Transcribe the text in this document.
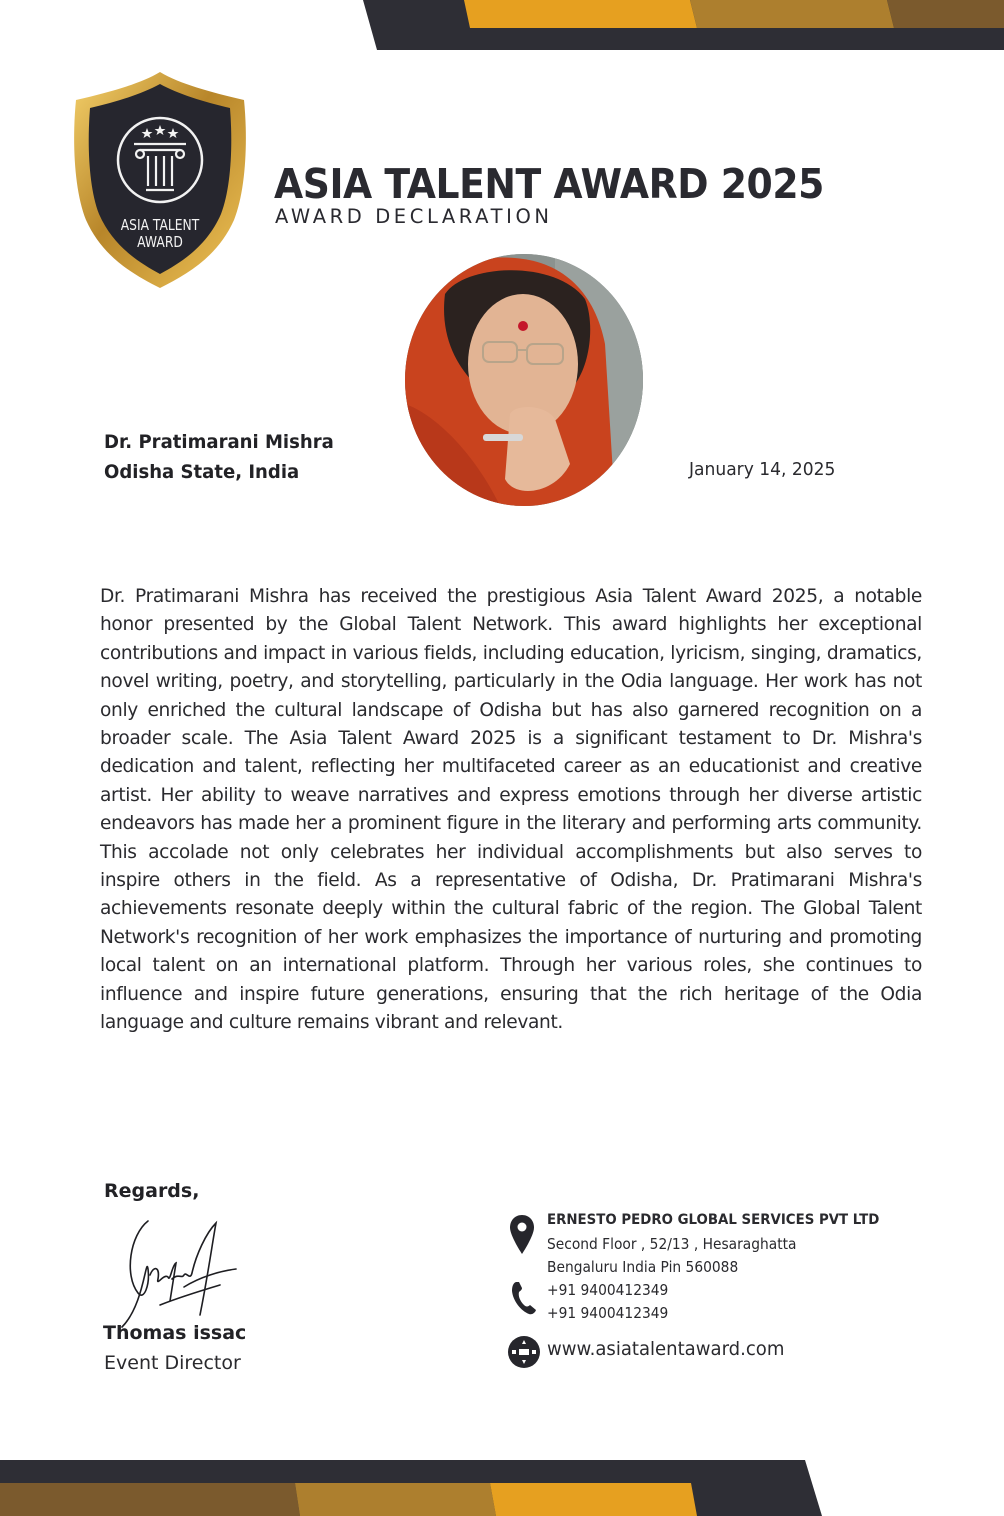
ASIA TALENT
AWARD
ASIA TALENT AWARD 2025
AWARD DECLARATION
Dr. Pratimarani Mishra
Odisha State, India	January 14, 2025
Dr. Pratimarani Mishra has received the prestigious Asia Talent Award 2025, a notable honor presented by the Global Talent Network. This award highlights her exceptional contributions and impact in various fields, including education, lyricism, singing, dramatics, novel writing, poetry, and storytelling, particularly in the Odia language. Her work has not only enriched the cultural landscape of Odisha but has also garnered recognition on a broader scale. The Asia Talent Award 2025 is a significant testament to Dr. Mishra's dedication and talent, reflecting her multifaceted career as an educationist and creative artist. Her ability to weave narratives and express emotions through her diverse artistic endeavors has made her a prominent figure in the literary and performing arts community. This accolade not only celebrates her individual accomplishments but also serves to inspire others in the field. As a representative of Odisha, Dr. Pratimarani Mishra's achievements resonate deeply within the cultural fabric of the region. The Global Talent Network's recognition of her work emphasizes the importance of nurturing and promoting local talent on an international platform. Through her various roles, she continues to influence and inspire future generations, ensuring that the rich heritage of the Odia language and culture remains vibrant and relevant.
Regards,
Thomas issac
Event Director
ERNESTO PEDRO GLOBAL SERVICES PVT LTD
Second Floor , 52/13 , Hesaraghatta
Bengaluru India Pin 560088
+91 9400412349
+91 9400412349
www.asiatalentaward.com
